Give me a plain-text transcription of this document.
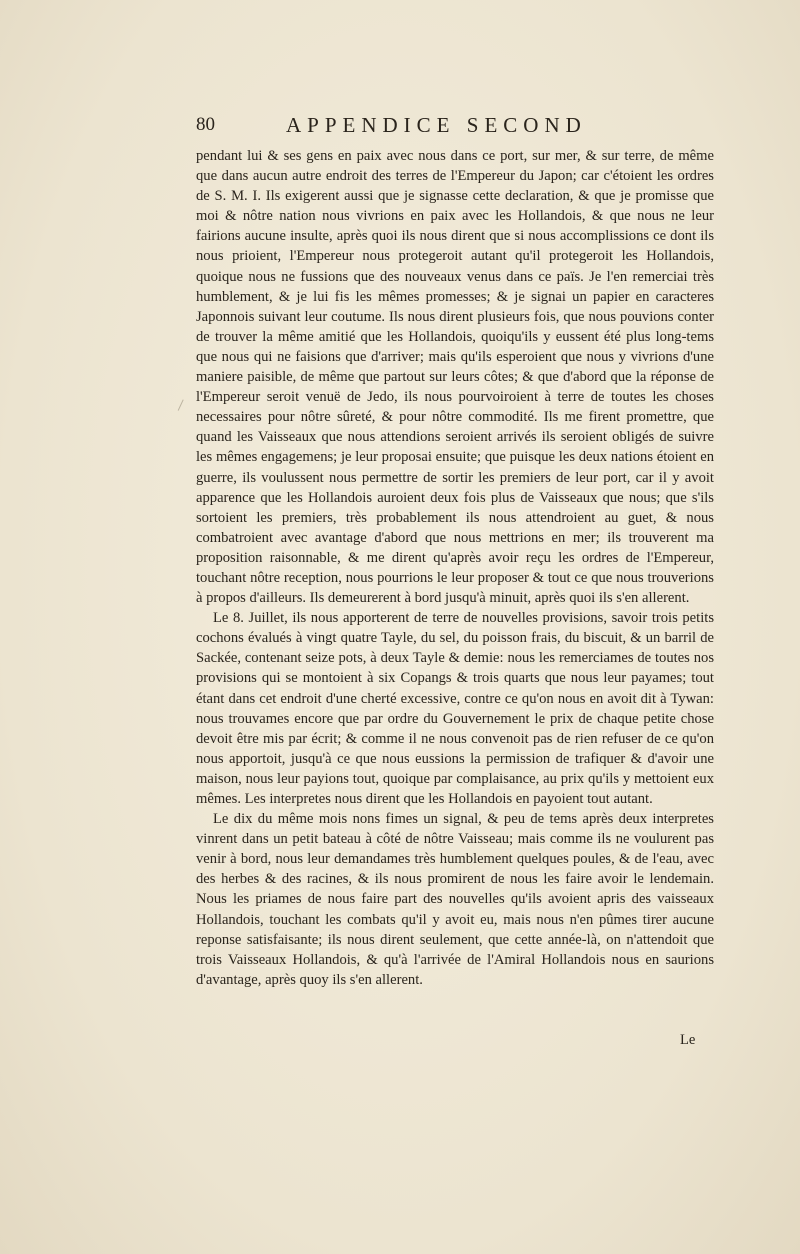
80	APPENDICE SECOND

pendant lui & ses gens en paix avec nous dans ce port, sur mer, & sur terre, de même que dans aucun autre endroit des terres de l'Empereur du Japon; car c'étoient les ordres de S. M. I. Ils exigerent aussi que je signasse cette declaration, & que je promisse que moi & nôtre nation nous vivrions en paix avec les Hollandois, & que nous ne leur fairions aucune insulte, après quoi ils nous dirent que si nous accomplissions ce dont ils nous prioient, l'Empereur nous protegeroit autant qu'il protegeroit les Hollandois, quoique nous ne fussions que des nouveaux venus dans ce païs. Je l'en remerciai très humblement, & je lui fis les mêmes promesses; & je signai un papier en caracteres Japonnois suivant leur coutume. Ils nous dirent plusieurs fois, que nous pouvions conter de trouver la même amitié que les Hollandois, quoiqu'ils y eussent été plus long-tems que nous qui ne faisions que d'arriver; mais qu'ils esperoient que nous y vivrions d'une maniere paisible, de même que partout sur leurs côtes; & que d'abord que la réponse de l'Empereur seroit venuë de Jedo, ils nous pourvoiroient à terre de toutes les choses necessaires pour nôtre sûreté, & pour nôtre commodité. Ils me firent promettre, que quand les Vaisseaux que nous attendions seroient arrivés ils seroient obligés de suivre les mêmes engagemens; je leur proposai ensuite; que puisque les deux nations étoient en guerre, ils voulussent nous permettre de sortir les premiers de leur port, car il y avoit apparence que les Hollandois auroient deux fois plus de Vaisseaux que nous; que s'ils sortoient les premiers, très probablement ils nous attendroient au guet, & nous combatroient avec avantage d'abord que nous mettrions en mer; ils trouverent ma proposition raisonnable, & me dirent qu'après avoir reçu les ordres de l'Empereur, touchant nôtre reception, nous pourrions le leur proposer & tout ce que nous trouverions à propos d'ailleurs. Ils demeurerent à bord jusqu'à minuit, après quoi ils s'en allerent.

Le 8. Juillet, ils nous apporterent de terre de nouvelles provisions, savoir trois petits cochons évalués à vingt quatre Tayle, du sel, du poisson frais, du biscuit, & un barril de Sackée, contenant seize pots, à deux Tayle & demie: nous les remerciames de toutes nos provisions qui se montoient à six Copangs & trois quarts que nous leur payames; tout étant dans cet endroit d'une cherté excessive, contre ce qu'on nous en avoit dit à Tywan: nous trouvames encore que par ordre du Gouvernement le prix de chaque petite chose devoit être mis par écrit; & comme il ne nous convenoit pas de rien refuser de ce qu'on nous apportoit, jusqu'à ce que nous eussions la permission de trafiquer & d'avoir une maison, nous leur payions tout, quoique par complaisance, au prix qu'ils y mettoient eux mêmes. Les interpretes nous dirent que les Hollandois en payoient tout autant.

Le dix du même mois nons fimes un signal, & peu de tems après deux interpretes vinrent dans un petit bateau à côté de nôtre Vaisseau; mais comme ils ne voulurent pas venir à bord, nous leur demandames très humblement quelques poules, & de l'eau, avec des herbes & des racines, & ils nous promirent de nous les faire avoir le lendemain. Nous les priames de nous faire part des nouvelles qu'ils avoient apris des vaisseaux Hollandois, touchant les combats qu'il y avoit eu, mais nous n'en pûmes tirer aucune reponse satisfaisante; ils nous dirent seulement, que cette année-là, on n'attendoit que trois Vaisseaux Hollandois, & qu'à l'arrivée de l'Amiral Hollandois nous en saurions d'avantage, après quoy ils s'en allerent.

Le
